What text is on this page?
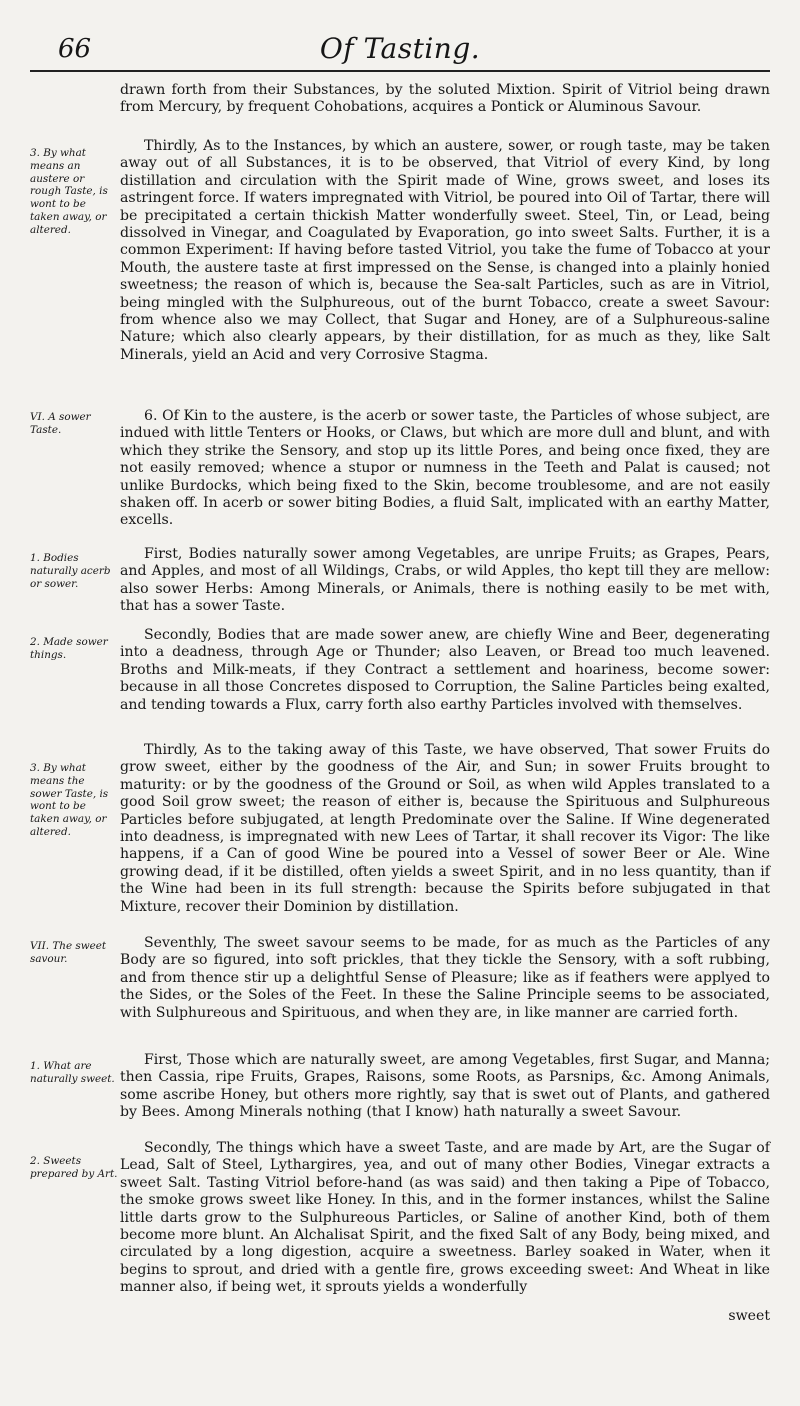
66	Of Tasting.

3. By what means an austere or rough Taste, is wont to be taken away, or altered.

VI. A sower Taste.

1. Bodies naturally acerb or sower.

2. Made sower things.

3. By what means the sower Taste, is wont to be taken away, or altered.

VII. The sweet savour.

1. What are naturally sweet.

2. Sweets prepared by Art.

drawn forth from their Substances, by the soluted Mixtion. Spirit of Vitriol being drawn from Mercury, by frequent Cohobations, acquires a Pontick or Aluminous Savour.

Thirdly, As to the Instances, by which an austere, sower, or rough taste, may be taken away out of all Substances, it is to be observed, that Vitriol of every Kind, by long distillation and circulation with the Spirit made of Wine, grows sweet, and loses its astringent force. If waters impregnated with Vitriol, be poured into Oil of Tartar, there will be precipitated a certain thickish Matter wonderfully sweet. Steel, Tin, or Lead, being dissolved in Vinegar, and Coagulated by Evaporation, go into sweet Salts. Further, it is a common Experiment: If having before tasted Vitriol, you take the fume of Tobacco at your Mouth, the austere taste at first impressed on the Sense, is changed into a plainly honied sweetness; the reason of which is, because the Sea-salt Particles, such as are in Vitriol, being mingled with the Sulphureous, out of the burnt Tobacco, create a sweet Savour: from whence also we may Collect, that Sugar and Honey, are of a Sulphureous-saline Nature; which also clearly appears, by their distillation, for as much as they, like Salt Minerals, yield an Acid and very Corrosive Stagma.

6. Of Kin to the austere, is the acerb or sower taste, the Particles of whose subject, are indued with little Tenters or Hooks, or Claws, but which are more dull and blunt, and with which they strike the Sensory, and stop up its little Pores, and being once fixed, they are not easily removed; whence a stupor or numness in the Teeth and Palat is caused; not unlike Burdocks, which being fixed to the Skin, become troublesome, and are not easily shaken off. In acerb or sower biting Bodies, a fluid Salt, implicated with an earthy Matter, excells.

First, Bodies naturally sower among Vegetables, are unripe Fruits; as Grapes, Pears, and Apples, and most of all Wildings, Crabs, or wild Apples, tho kept till they are mellow: also sower Herbs: Among Minerals, or Animals, there is nothing easily to be met with, that has a sower Taste.

Secondly, Bodies that are made sower anew, are chiefly Wine and Beer, degenerating into a deadness, through Age or Thunder; also Leaven, or Bread too much leavened. Broths and Milk-meats, if they Contract a settlement and hoariness, become sower: because in all those Concretes disposed to Corruption, the Saline Particles being exalted, and tending towards a Flux, carry forth also earthy Particles involved with themselves.

Thirdly, As to the taking away of this Taste, we have observed, That sower Fruits do grow sweet, either by the goodness of the Air, and Sun; in sower Fruits brought to maturity: or by the goodness of the Ground or Soil, as when wild Apples translated to a good Soil grow sweet; the reason of either is, because the Spirituous and Sulphureous Particles before subjugated, at length Predominate over the Saline. If Wine degenerated into deadness, is impregnated with new Lees of Tartar, it shall recover its Vigor: The like happens, if a Can of good Wine be poured into a Vessel of sower Beer or Ale. Wine growing dead, if it be distilled, often yields a sweet Spirit, and in no less quantity, than if the Wine had been in its full strength: because the Spirits before subjugated in that Mixture, recover their Dominion by distillation.

Seventhly, The sweet savour seems to be made, for as much as the Particles of any Body are so figured, into soft prickles, that they tickle the Sensory, with a soft rubbing, and from thence stir up a delightful Sense of Pleasure; like as if feathers were applyed to the Sides, or the Soles of the Feet. In these the Saline Principle seems to be associated, with Sulphureous and Spirituous, and when they are, in like manner are carried forth.

First, Those which are naturally sweet, are among Vegetables, first Sugar, and Manna; then Cassia, ripe Fruits, Grapes, Raisons, some Roots, as Parsnips, &c. Among Animals, some ascribe Honey, but others more rightly, say that is swet out of Plants, and gathered by Bees. Among Minerals nothing (that I know) hath naturally a sweet Savour.

Secondly, The things which have a sweet Taste, and are made by Art, are the Sugar of Lead, Salt of Steel, Lythargires, yea, and out of many other Bodies, Vinegar extracts a sweet Salt. Tasting Vitriol before-hand (as was said) and then taking a Pipe of Tobacco, the smoke grows sweet like Honey. In this, and in the former instances, whilst the Saline little darts grow to the Sulphureous Particles, or Saline of another Kind, both of them become more blunt. An Alchalisat Spirit, and the fixed Salt of any Body, being mixed, and circulated by a long digestion, acquire a sweetness. Barley soaked in Water, when it begins to sprout, and dried with a gentle fire, grows exceeding sweet: And Wheat in like manner also, if being wet, it sprouts yields a wonderfully

sweet
